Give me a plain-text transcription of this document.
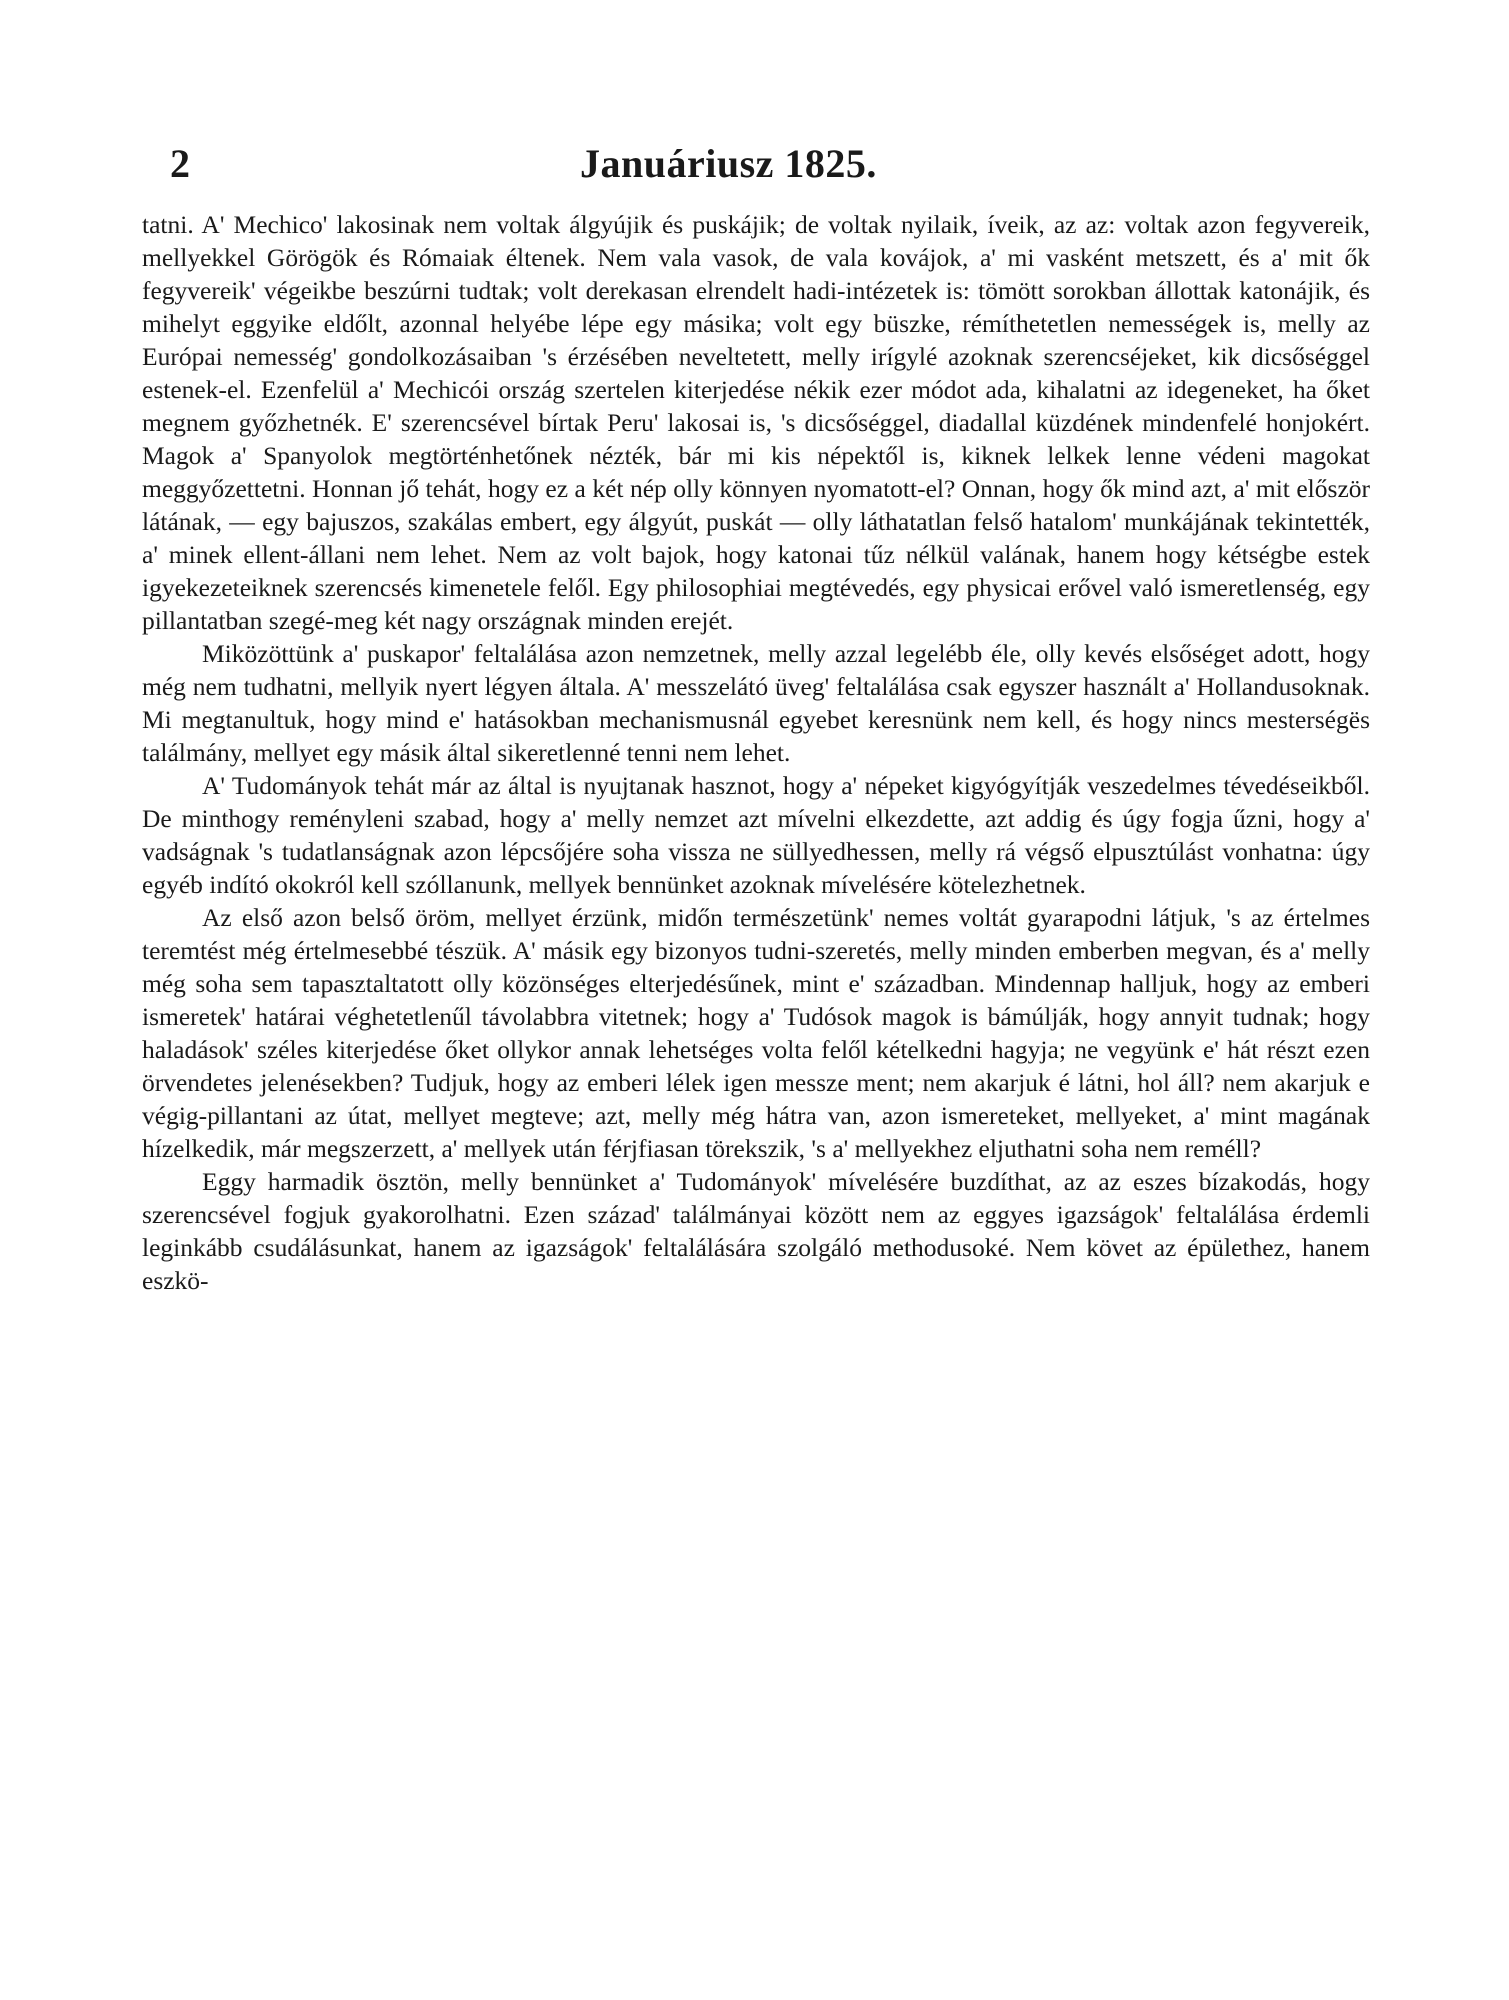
2	Januáriusz 1825.

tatni. A' Mechico' lakosinak nem voltak álgyújik és puskájik; de voltak nyilaik, íveik, az az: voltak azon fegyvereik, mellyekkel Görögök és Rómaiak éltenek. Nem vala vasok, de vala kovájok, a' mi vasként metszett, és a' mit ők fegyvereik' végeikbe beszúrni tudtak; volt derekasan elrendelt hadi-intézetek is: tömött sorokban állottak katonájik, és mihelyt eggyike eldőlt, azonnal helyébe lépe egy másika; volt egy büszke, rémíthetetlen nemességek is, melly az Európai nemesség' gondolkozásaiban 's érzésében neveltetett, melly irígylé azoknak szerencséjeket, kik dicsőséggel estenek-el. Ezenfelül a' Mechicói ország szertelen kiterjedése nékik ezer módot ada, kihalatni az idegeneket, ha őket megnem győzhetnék. E' szerencsével bírtak Peru' lakosai is, 's dicsőséggel, diadallal küzdének mindenfelé honjokért. Magok a' Spanyolok megtörténhetőnek nézték, bár mi kis népektől is, kiknek lelkek lenne védeni magokat meggyőzettetni. Honnan jő tehát, hogy ez a két nép olly könnyen nyomatott-el? Onnan, hogy ők mind azt, a' mit először látának, — egy bajuszos, szakálas embert, egy álgyút, puskát — olly láthatatlan felső hatalom' munkájának tekintették, a' minek ellent-állani nem lehet. Nem az volt bajok, hogy katonai tűz nélkül valának, hanem hogy kétségbe estek igyekezeteiknek szerencsés kimenetele felől. Egy philosophiai megtévedés, egy physicai erővel való ismeretlenség, egy pillantatban szegé-meg két nagy országnak minden erejét.

Miközöttünk a' puskapor' feltalálása azon nemzetnek, melly azzal legelébb éle, olly kevés elsőséget adott, hogy még nem tudhatni, mellyik nyert légyen általa. A' messzelátó üveg' feltalálása csak egyszer használt a' Hollandusoknak. Mi megtanultuk, hogy mind e' hatásokban mechanismusnál egyebet keresnünk nem kell, és hogy nincs mesterségës találmány, mellyet egy másik által sikeretlenné tenni nem lehet.

A' Tudományok tehát már az által is nyujtanak hasznot, hogy a' népeket kigyógyítják veszedelmes tévedéseikből. De minthogy reményleni szabad, hogy a' melly nemzet azt mívelni elkezdette, azt addig és úgy fogja űzni, hogy a' vadságnak 's tudatlanságnak azon lépcsőjére soha vissza ne süllyedhessen, melly rá végső elpusztúlást vonhatna: úgy egyéb indító okokról kell szóllanunk, mellyek bennünket azoknak mívelésére kötelezhetnek.

Az első azon belső öröm, mellyet érzünk, midőn természetünk' nemes voltát gyarapodni látjuk, 's az értelmes teremtést még értelmesebbé tészük. A' másik egy bizonyos tudni-szeretés, melly minden emberben megvan, és a' melly még soha sem tapasztaltatott olly közönséges elterjedésűnek, mint e' században. Mindennap halljuk, hogy az emberi ismeretek' határai véghetetlenűl távolabbra vitetnek; hogy a' Tudósok magok is bámúlják, hogy annyit tudnak; hogy haladások' széles kiterjedése őket ollykor annak lehetséges volta felől kételkedni hagyja; ne vegyünk e' hát részt ezen örvendetes jelenésekben? Tudjuk, hogy az emberi lélek igen messze ment; nem akarjuk é látni, hol áll? nem akarjuk e végig-pillantani az útat, mellyet megteve; azt, melly még hátra van, azon ismereteket, mellyeket, a' mint magának hízelkedik, már megszerzett, a' mellyek után férjfiasan törekszik, 's a' mellyekhez eljuthatni soha nem reméll?

Eggy harmadik ösztön, melly bennünket a' Tudományok' mívelésére buzdíthat, az az eszes bízakodás, hogy szerencsével fogjuk gyakorolhatni. Ezen század' találmányai között nem az eggyes igazságok' feltalálása érdemli leginkább csudálásunkat, hanem az igazságok' feltalálására szolgáló methodusoké. Nem követ az épülethez, hanem eszkö-
